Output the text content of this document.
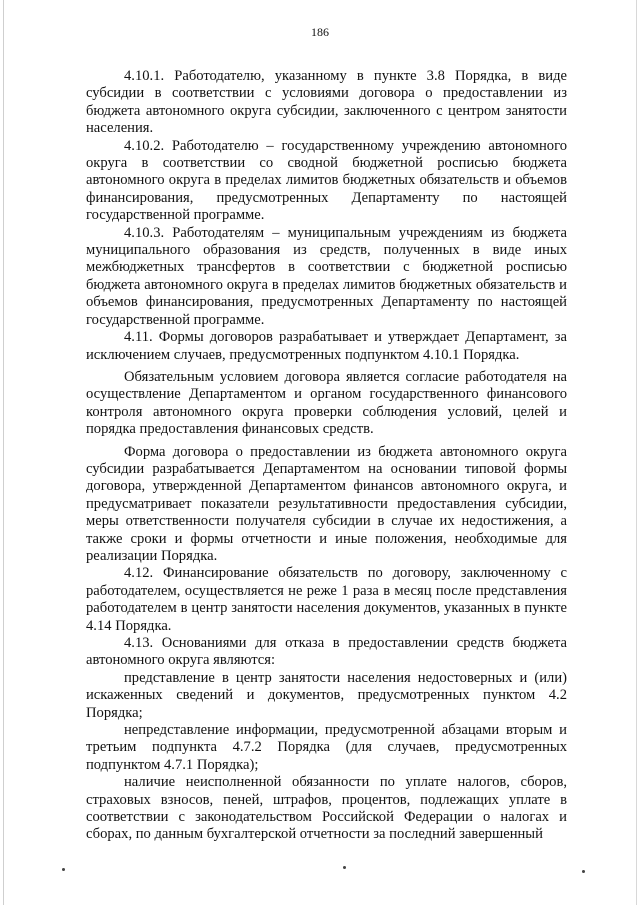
186

4.10.1. Работодателю, указанному в пункте 3.8 Порядка, в виде субсидии в соответствии с условиями договора о предоставлении из бюджета автономного округа субсидии, заключенного с центром занятости населения.

4.10.2. Работодателю – государственному учреждению автономного округа в соответствии со сводной бюджетной росписью бюджета автономного округа в пределах лимитов бюджетных обязательств и объемов финансирования, предусмотренных Департаменту по настоящей государственной программе.

4.10.3. Работодателям – муниципальным учреждениям из бюджета муниципального образования из средств, полученных в виде иных межбюджетных трансфертов в соответствии с бюджетной росписью бюджета автономного округа в пределах лимитов бюджетных обязательств и объемов финансирования, предусмотренных Департаменту по настоящей государственной программе.

4.11. Формы договоров разрабатывает и утверждает Департамент, за исключением случаев, предусмотренных подпунктом 4.10.1 Порядка.

Обязательным условием договора является согласие работодателя на осуществление Департаментом и органом государственного финансового контроля автономного округа проверки соблюдения условий, целей и порядка предоставления финансовых средств.

Форма договора о предоставлении из бюджета автономного округа субсидии разрабатывается Департаментом на основании типовой формы договора, утвержденной Департаментом финансов автономного округа, и предусматривает показатели результативности предоставления субсидии, меры ответственности получателя субсидии в случае их недостижения, а также сроки и формы отчетности и иные положения, необходимые для реализации Порядка.

4.12. Финансирование обязательств по договору, заключенному с работодателем, осуществляется не реже 1 раза в месяц после представления работодателем в центр занятости населения документов, указанных в пункте 4.14 Порядка.

4.13. Основаниями для отказа в предоставлении средств бюджета автономного округа являются:

представление в центр занятости населения недостоверных и (или) искаженных сведений и документов, предусмотренных пунктом 4.2 Порядка;

непредставление информации, предусмотренной абзацами вторым и третьим подпункта 4.7.2 Порядка (для случаев, предусмотренных подпунктом 4.7.1 Порядка);

наличие неисполненной обязанности по уплате налогов, сборов, страховых взносов, пеней, штрафов, процентов, подлежащих уплате в соответствии с законодательством Российской Федерации о налогах и сборах, по данным бухгалтерской отчетности за последний завершенный
